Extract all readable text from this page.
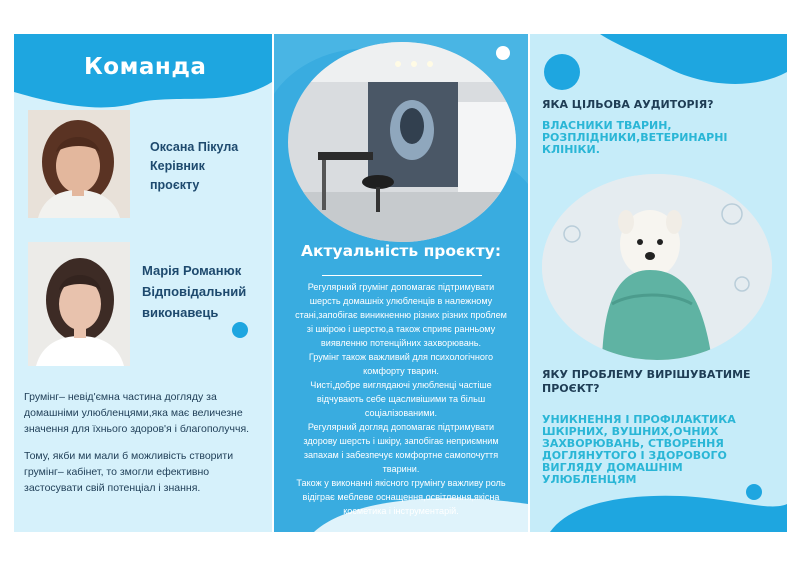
Команда
Оксана Пікула
Керівник
проєкту
Марія Романюк
Відповідальний
виконавець
Грумінг– невід'ємна частина догляду за
домашніми улюбленцями,яка має величезне
значення для їхнього здоров'я і благополуччя.
Тому, якби ми мали б можливість створити
грумінг– кабінет, то змогли ефективно
застосувати свій потенціал і знання.
Актуальність проєкту:
Регулярний грумінг допомагає підтримувати
шерсть домашніх улюбленців в належному
стані,запобігає виникненню різних різних проблем
зі шкірою і шерстю,а також сприяє ранньому
виявленню потенційних захворювань.
Грумінг також важливий для психологічного
комфорту тварин.
Чисті,добре виглядаючі улюбленці частіше
відчувають себе щасливішими та більш
соціалізованими.
Регулярний догляд допомагає підтримувати
здорову шерсть і шкіру, запобігає неприємним
запахам і забезпечує комфортне самопочуття
тварини.
Також у виконанні якісного грумінгу важливу роль
відіграє меблеве оснащення,освітлення,якісна
косметика і інструментарій.
ЯКА ЦІЛЬОВА АУДИТОРІЯ?
ВЛАСНИКИ ТВАРИН,
РОЗПЛІДНИКИ,ВЕТЕРИНАРНІ
КЛІНІКИ.
ЯКУ ПРОБЛЕМУ ВИРІШУВАТИМЕ
ПРОЄКТ?
УНИКНЕННЯ І ПРОФІЛАКТИКА
ШКІРНИХ, ВУШНИХ,ОЧНИХ
ЗАХВОРЮВАНЬ, СТВОРЕННЯ
ДОГЛЯНУТОГО І ЗДОРОВОГО
ВИГЛЯДУ ДОМАШНІМ
УЛЮБЛЕНЦЯМ
